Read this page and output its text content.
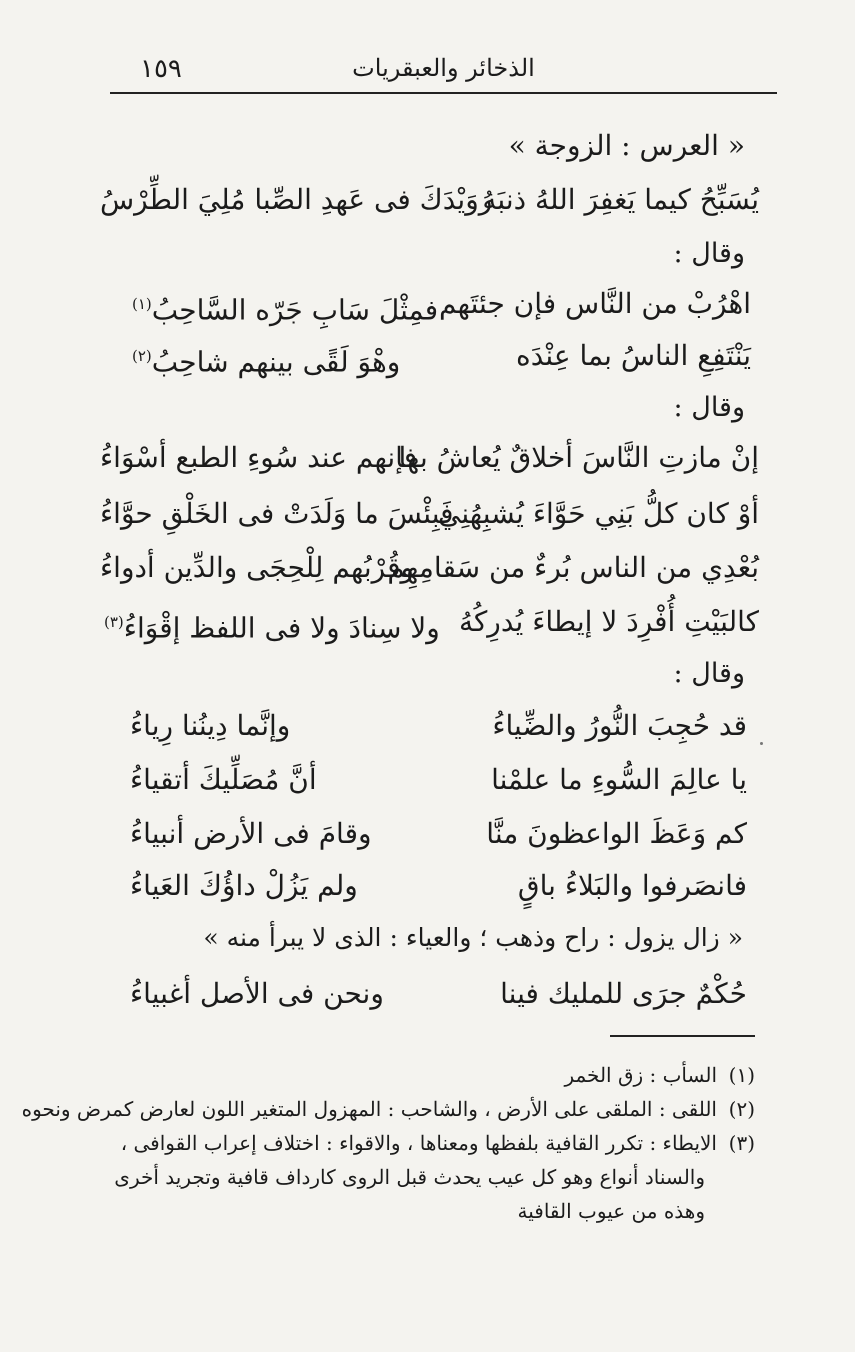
١٥٩	الذخائر والعبقريات
« العرس : الزوجة »
يُسَبِّحُ كيما يَغفِرَ اللهُ ذنبَه
رُوَيْدَكَ فى عَهدِ الصِّبا مُلِيَ الطِّرْسُ
وقال :
اهْرُبْ من النَّاس فإن جئتَهم
فمِثْلَ سَابِ جَرّه السَّاحِبُ$^{(١)}$
يَنْتَفِعِ الناسُ بما عِنْدَه
وهْوَ لَقًى بينهم شاحِبُ$^{(٢)}$
وقال :
إنْ مازتِ النَّاسَ أخلاقٌ يُعاشُ بها
فإنهم عند سُوءِ الطبع أسْوَاءُ
أوْ كان كلُّ بَنِي حَوَّاءَ يُشبِهُنِي
فَبِئْسَ ما وَلَدَتْ فى الخَلْقِ حوَّاءُ
بُعْدِي من الناس بُرءٌ من سَقامِهِم
وقُرْبُهم لِلْحِجَى والدِّين أدواءُ
كالبَيْتِ أُفْرِدَ لا إيطاءَ يُدرِكُهُ
ولا سِنادَ ولا فى اللفظ إقْوَاءُ$^{(٣)}$
وقال :
قد حُجِبَ النُّورُ والضِّياءُ
وإنَّما دِينُنا رِياءُ
يا عالِمَ السُّوءِ ما علمْنا
أنَّ مُصَلِّيكَ أتقياءُ
كم وَعَظَ الواعظونَ منَّا
وقامَ فى الأرض أنبياءُ
فانصَرفوا والبَلاءُ باقٍ
ولم يَزُلْ داؤُكَ العَياءُ
« زال يزول : راح وذهب ؛ والعياء : الذى لا يبرأ منه »
حُكْمٌ جرَى للمليك فينا
ونحن فى الأصل أغبياءُ
(١)السأب : زق الخمر
(٢)اللقى : الملقى على الأرض ، والشاحب : المهزول المتغير اللون لعارض كمرض ونحوه
(٣)الايطاء : تكرر القافية بلفظها ومعناها ، والاقواء : اختلاف إعراب القوافى ،
والسناد أنواع وهو كل عيب يحدث قبل الروى كارداف قافية وتجريد أخرى
وهذه من عيوب القافية
